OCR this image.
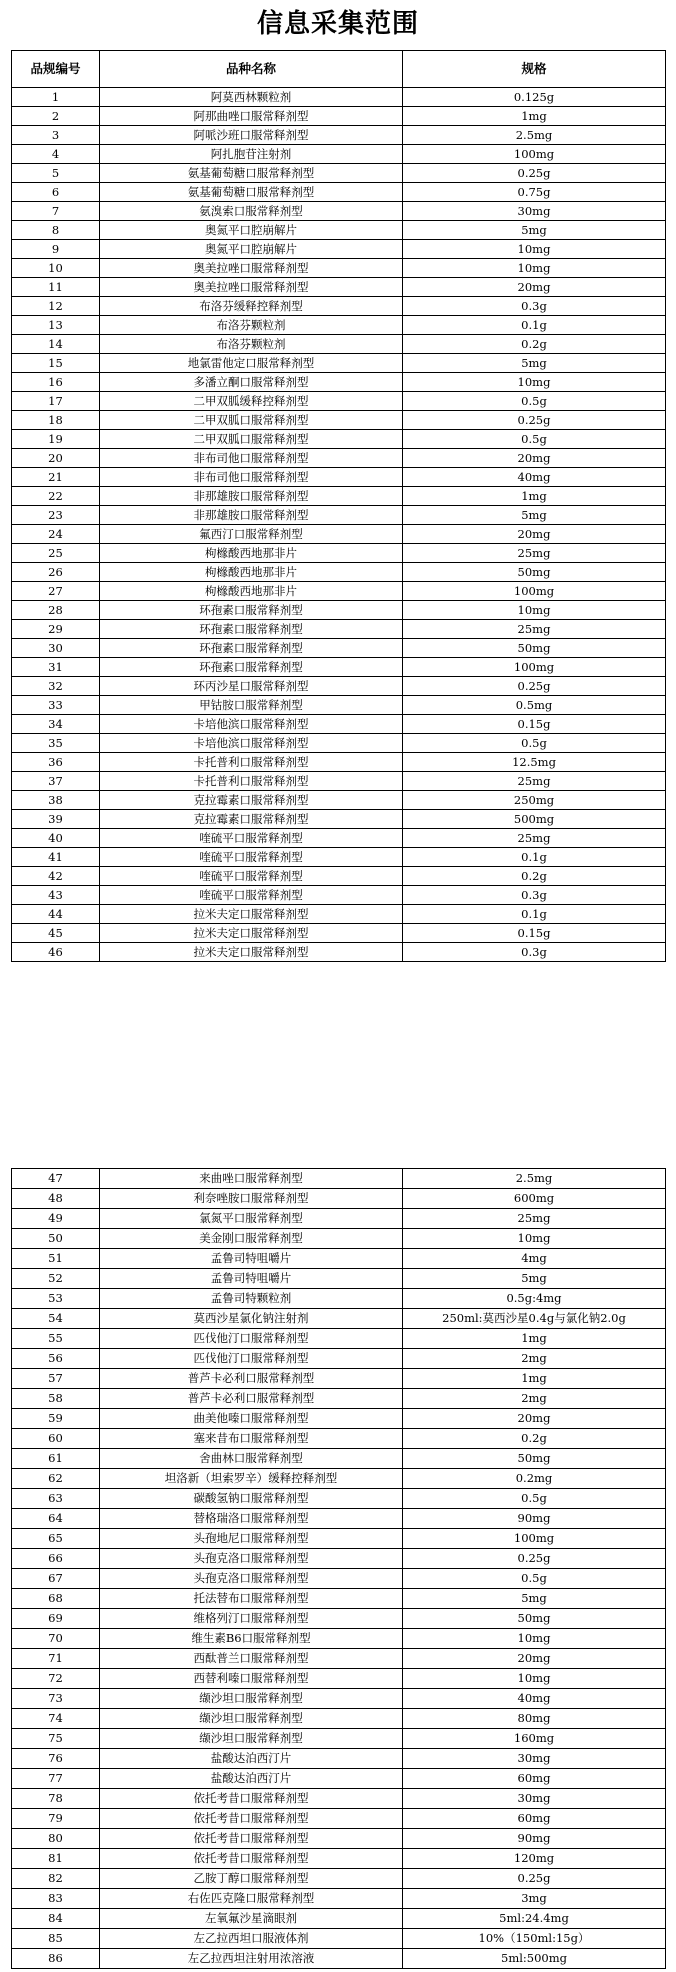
信息采集范围
品规编号	品种名称	规格
1	阿莫西林颗粒剂	0.125g
2	阿那曲唑口服常释剂型	1mg
3	阿哌沙班口服常释剂型	2.5mg
4	阿扎胞苷注射剂	100mg
5	氨基葡萄糖口服常释剂型	0.25g
6	氨基葡萄糖口服常释剂型	0.75g
7	氨溴索口服常释剂型	30mg
8	奥氮平口腔崩解片	5mg
9	奥氮平口腔崩解片	10mg
10	奥美拉唑口服常释剂型	10mg
11	奥美拉唑口服常释剂型	20mg
12	布洛芬缓释控释剂型	0.3g
13	布洛芬颗粒剂	0.1g
14	布洛芬颗粒剂	0.2g
15	地氯雷他定口服常释剂型	5mg
16	多潘立酮口服常释剂型	10mg
17	二甲双胍缓释控释剂型	0.5g
18	二甲双胍口服常释剂型	0.25g
19	二甲双胍口服常释剂型	0.5g
20	非布司他口服常释剂型	20mg
21	非布司他口服常释剂型	40mg
22	非那雄胺口服常释剂型	1mg
23	非那雄胺口服常释剂型	5mg
24	氟西汀口服常释剂型	20mg
25	枸橼酸西地那非片	25mg
26	枸橼酸西地那非片	50mg
27	枸橼酸西地那非片	100mg
28	环孢素口服常释剂型	10mg
29	环孢素口服常释剂型	25mg
30	环孢素口服常释剂型	50mg
31	环孢素口服常释剂型	100mg
32	环丙沙星口服常释剂型	0.25g
33	甲钴胺口服常释剂型	0.5mg
34	卡培他滨口服常释剂型	0.15g
35	卡培他滨口服常释剂型	0.5g
36	卡托普利口服常释剂型	12.5mg
37	卡托普利口服常释剂型	25mg
38	克拉霉素口服常释剂型	250mg
39	克拉霉素口服常释剂型	500mg
40	喹硫平口服常释剂型	25mg
41	喹硫平口服常释剂型	0.1g
42	喹硫平口服常释剂型	0.2g
43	喹硫平口服常释剂型	0.3g
44	拉米夫定口服常释剂型	0.1g
45	拉米夫定口服常释剂型	0.15g
46	拉米夫定口服常释剂型	0.3g
47	来曲唑口服常释剂型	2.5mg
48	利奈唑胺口服常释剂型	600mg
49	氯氮平口服常释剂型	25mg
50	美金刚口服常释剂型	10mg
51	孟鲁司特咀嚼片	4mg
52	孟鲁司特咀嚼片	5mg
53	孟鲁司特颗粒剂	0.5g:4mg
54	莫西沙星氯化钠注射剂	250ml:莫西沙星0.4g与氯化钠2.0g
55	匹伐他汀口服常释剂型	1mg
56	匹伐他汀口服常释剂型	2mg
57	普芦卡必利口服常释剂型	1mg
58	普芦卡必利口服常释剂型	2mg
59	曲美他嗪口服常释剂型	20mg
60	塞来昔布口服常释剂型	0.2g
61	舍曲林口服常释剂型	50mg
62	坦洛新（坦索罗辛）缓释控释剂型	0.2mg
63	碳酸氢钠口服常释剂型	0.5g
64	替格瑞洛口服常释剂型	90mg
65	头孢地尼口服常释剂型	100mg
66	头孢克洛口服常释剂型	0.25g
67	头孢克洛口服常释剂型	0.5g
68	托法替布口服常释剂型	5mg
69	维格列汀口服常释剂型	50mg
70	维生素B6口服常释剂型	10mg
71	西酞普兰口服常释剂型	20mg
72	西替利嗪口服常释剂型	10mg
73	缬沙坦口服常释剂型	40mg
74	缬沙坦口服常释剂型	80mg
75	缬沙坦口服常释剂型	160mg
76	盐酸达泊西汀片	30mg
77	盐酸达泊西汀片	60mg
78	依托考昔口服常释剂型	30mg
79	依托考昔口服常释剂型	60mg
80	依托考昔口服常释剂型	90mg
81	依托考昔口服常释剂型	120mg
82	乙胺丁醇口服常释剂型	0.25g
83	右佐匹克隆口服常释剂型	3mg
84	左氧氟沙星滴眼剂	5ml:24.4mg
85	左乙拉西坦口服液体剂	10%（150ml:15g）
86	左乙拉西坦注射用浓溶液	5ml:500mg
